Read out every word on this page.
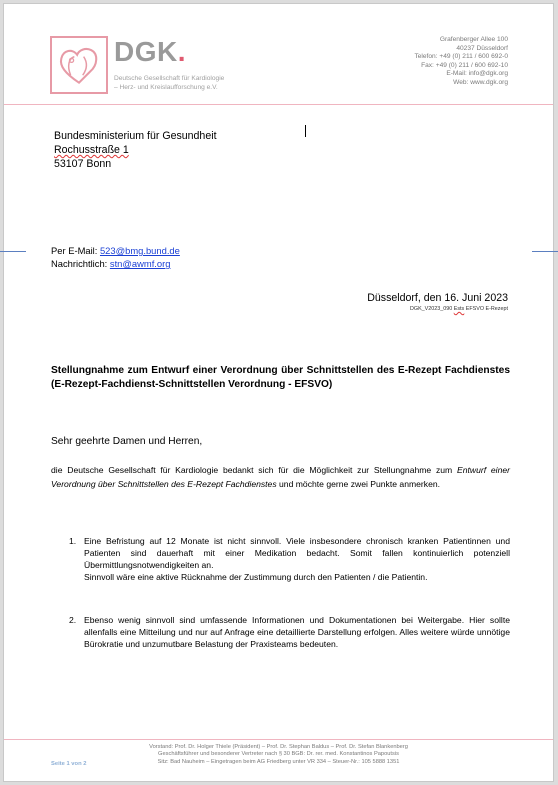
DGK.
Deutsche Gesellschaft für Kardiologie
– Herz- und Kreislaufforschung e.V.
Grafenberger Allee 100
40237 Düsseldorf
Telefon: +49 (0) 211 / 600 692-0
Fax: +49 (0) 211 / 600 692-10
E-Mail: info@dgk.org
Web: www.dgk.org
Bundesministerium für Gesundheit
Rochusstraße 1
53107 Bonn
Per E-Mail: 523@bmg.bund.de
Nachrichtlich: stn@awmf.org
Düsseldorf, den 16. Juni 2023
DGK_V2023_090 Ests EFSVO E-Rezept
Stellungnahme zum Entwurf einer Verordnung über Schnittstellen des E-Rezept Fachdienstes (E-Rezept-Fachdienst-Schnittstellen Verordnung - EFSVO)
Sehr geehrte Damen und Herren,
die Deutsche Gesellschaft für Kardiologie bedankt sich für die Möglichkeit zur Stellungnahme zum Entwurf einer Verordnung über Schnittstellen des E-Rezept Fachdienstes und möchte gerne zwei Punkte anmerken.
1. Eine Befristung auf 12 Monate ist nicht sinnvoll. Viele insbesondere chronisch kranken Patientinnen und Patienten sind dauerhaft mit einer Medikation bedacht. Somit fallen kontinuierlich potenziell Übermittlungsnotwendigkeiten an.
Sinnvoll wäre eine aktive Rücknahme der Zustimmung durch den Patienten / die Patientin.
2. Ebenso wenig sinnvoll sind umfassende Informationen und Dokumentationen bei Weitergabe. Hier sollte allenfalls eine Mitteilung und nur auf Anfrage eine detaillierte Darstellung erfolgen. Alles weitere würde unnötige Bürokratie und unzumutbare Belastung der Praxisteams bedeuten.
Vorstand: Prof. Dr. Holger Thiele (Präsident) – Prof. Dr. Stephan Baldus – Prof. Dr. Stefan Blankenberg
Geschäftsführer und besonderer Vertreter nach § 30 BGB: Dr. rer. med. Konstantinos Papoutsis
Sitz: Bad Nauheim – Eingetragen beim AG Friedberg unter VR 334 – Steuer-Nr.: 105 5888 1351
Seite 1 von 2
